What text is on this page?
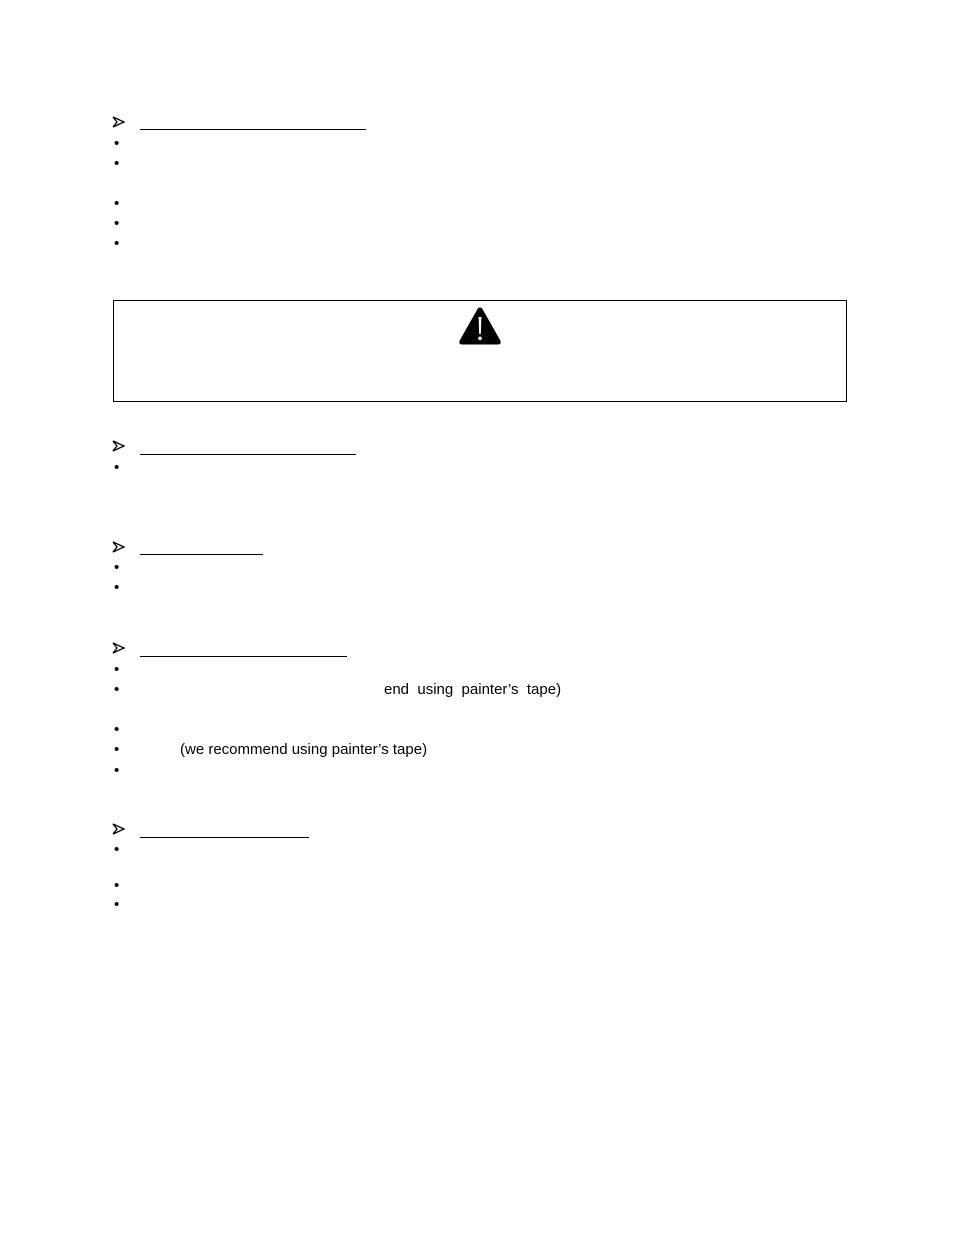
•
•
•
•
•
•
•
•
•
•	end  using  painter’s  tape)
•
•	(we recommend using painter’s tape)
•
•
•
•
